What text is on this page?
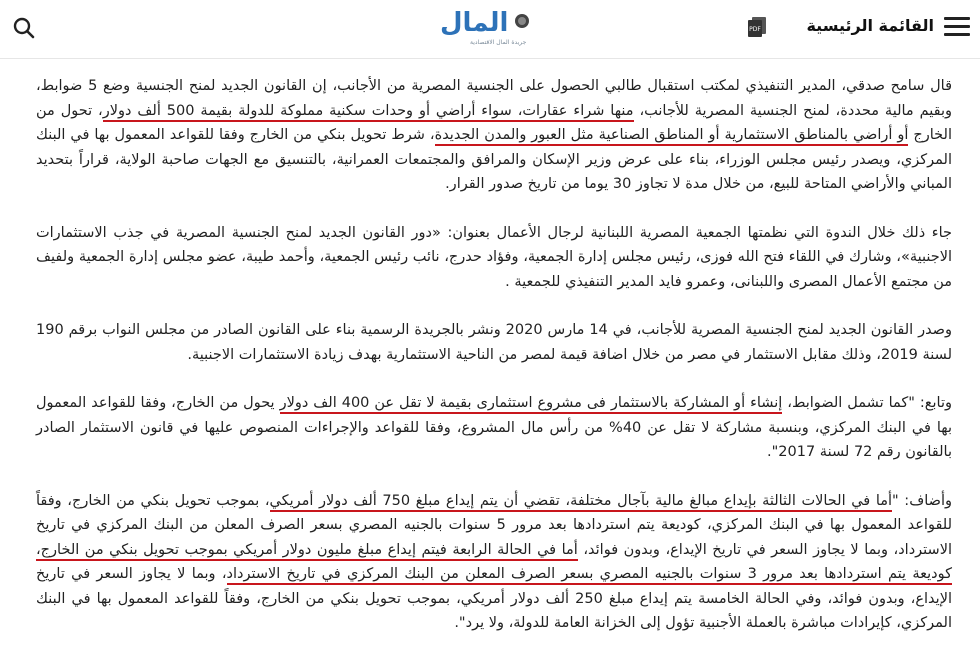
القائمة الرئيسية
PDF
المال
جريدة المال الاقتصادية

قال سامح صدقي، المدير التنفيذي لمكتب استقبال طالبي الحصول على الجنسية المصرية من الأجانب، إن القانون الجديد لمنح الجنسية وضع 5 ضوابط، وبقيم مالية محددة، لمنح الجنسية المصرية للأجانب، منها شراء عقارات، سواء أراضي أو وحدات سكنية مملوكة للدولة بقيمة 500 ألف دولار، تحول من الخارج أو أراضي بالمناطق الاستثمارية أو المناطق الصناعية مثل العبور والمدن الجديدة، شرط تحويل بنكي من الخارج وفقا للقواعد المعمول بها في البنك المركزي، ويصدر رئيس مجلس الوزراء، بناء على عرض وزير الإسكان والمرافق والمجتمعات العمرانية، بالتنسيق مع الجهات صاحبة الولاية، قراراً بتحديد المباني والأراضي المتاحة للبيع، من خلال مدة لا تجاوز 30 يوما من تاريخ صدور القرار.

جاء ذلك خلال الندوة التي نظمتها الجمعية المصرية اللبنانية لرجال الأعمال بعنوان: «دور القانون الجديد لمنح الجنسية المصرية في جذب الاستثمارات الاجنبية»، وشارك في اللقاء فتح الله فوزى، رئيس مجلس إدارة الجمعية، وفؤاد حدرج، نائب رئيس الجمعية، وأحمد طيبة، عضو مجلس إدارة الجمعية ولفيف من مجتمع الأعمال المصرى واللبنانى، وعمرو فايد المدير التنفيذي للجمعية .

وصدر القانون الجديد لمنح الجنسية المصرية للأجانب، في 14 مارس 2020 ونشر بالجريدة الرسمية بناء على القانون الصادر من مجلس النواب برقم 190 لسنة 2019، وذلك مقابل الاستثمار في مصر من خلال اضافة قيمة لمصر من الناحية الاستثمارية بهدف زيادة الاستثمارات الاجنبية.

وتابع: "كما تشمل الضوابط، إنشاء أو المشاركة بالاستثمار فى مشروع استثمارى بقيمة لا تقل عن 400 الف دولار يحول من الخارج، وفقا للقواعد المعمول بها في البنك المركزي، وبنسبة مشاركة لا تقل عن 40% من رأس مال المشروع، وفقا للقواعد والإجراءات المنصوص عليها في قانون الاستثمار الصادر بالقانون رقم 72 لسنة 2017".

وأضاف: "أما في الحالات الثالثة بإيداع مبالغ مالية بآجال مختلفة، تقضي أن يتم إيداع مبلغ 750 ألف دولار أمريكي، بموجب تحويل بنكي من الخارج، وفقاً للقواعد المعمول بها في البنك المركزي، كوديعة يتم استردادها بعد مرور 5 سنوات بالجنيه المصري بسعر الصرف المعلن من البنك المركزي في تاريخ الاسترداد، وبما لا يجاوز السعر في تاريخ الإيداع، وبدون فوائد، أما في الحالة الرابعة فيتم إيداع مبلغ مليون دولار أمريكي بموجب تحويل بنكي من الخارج، كوديعة يتم استردادها بعد مرور 3 سنوات بالجنيه المصري بسعر الصرف المعلن من البنك المركزي في تاريخ الاسترداد، وبما لا يجاوز السعر في تاريخ الإيداع، وبدون فوائد، وفي الحالة الخامسة يتم إيداع مبلغ 250 ألف دولار أمريكي، بموجب تحويل بنكي من الخارج، وفقاً للقواعد المعمول بها في البنك المركزي، كإيرادات مباشرة بالعملة الأجنبية تؤول إلى الخزانة العامة للدولة، ولا يرد".
